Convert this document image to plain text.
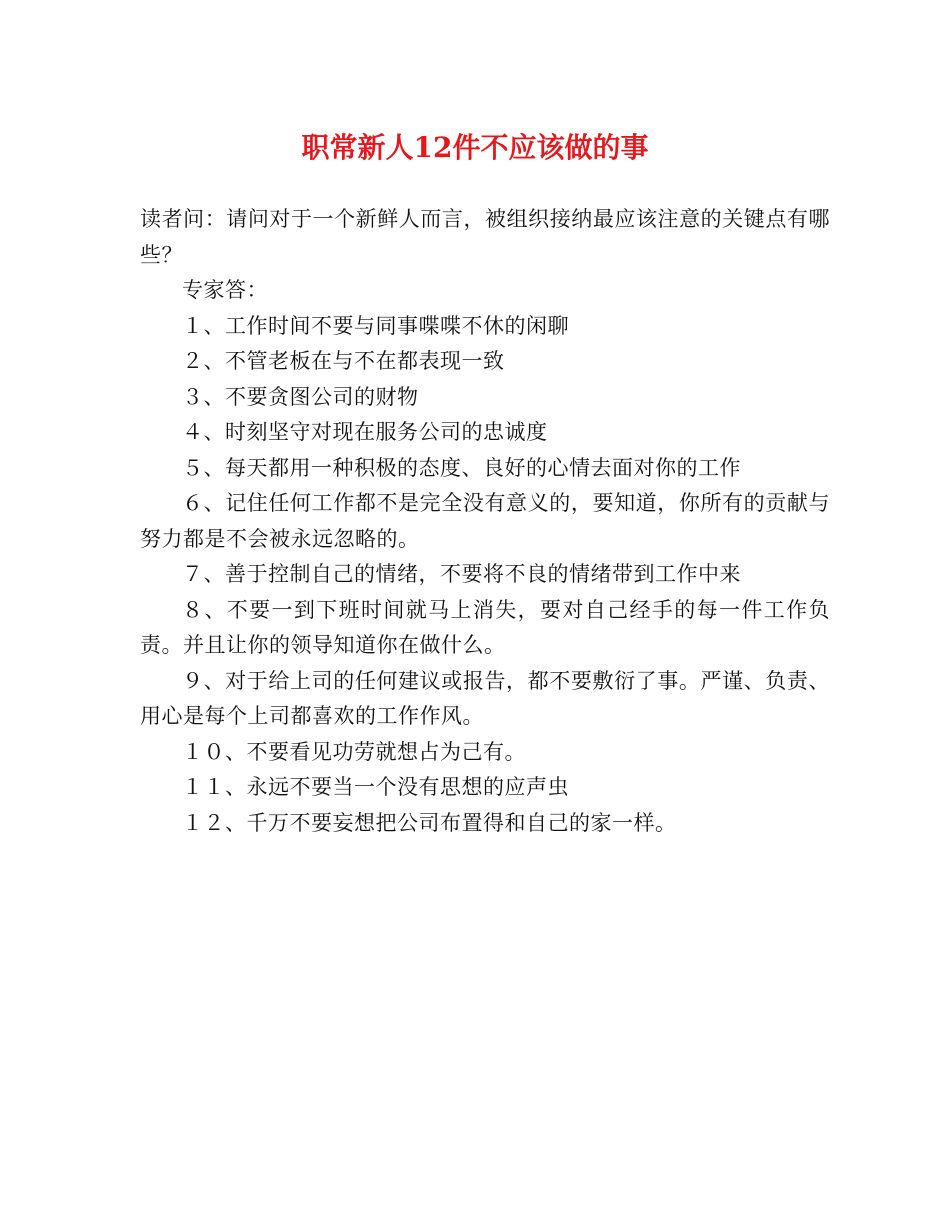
职常新人12件不应该做的事

读者问：请问对于一个新鲜人而言，被组织接纳最应该注意的关键点有哪些？

专家答：

１、工作时间不要与同事喋喋不休的闲聊

２、不管老板在与不在都表现一致

３、不要贪图公司的财物

４、时刻坚守对现在服务公司的忠诚度

５、每天都用一种积极的态度、良好的心情去面对你的工作

６、记住任何工作都不是完全没有意义的，要知道，你所有的贡献与努力都是不会被永远忽略的。

７、善于控制自己的情绪，不要将不良的情绪带到工作中来

８、不要一到下班时间就马上消失，要对自己经手的每一件工作负责。并且让你的领导知道你在做什么。

９、对于给上司的任何建议或报告，都不要敷衍了事。严谨、负责、用心是每个上司都喜欢的工作作风。

１０、不要看见功劳就想占为己有。

１１、永远不要当一个没有思想的应声虫

１２、千万不要妄想把公司布置得和自己的家一样。
